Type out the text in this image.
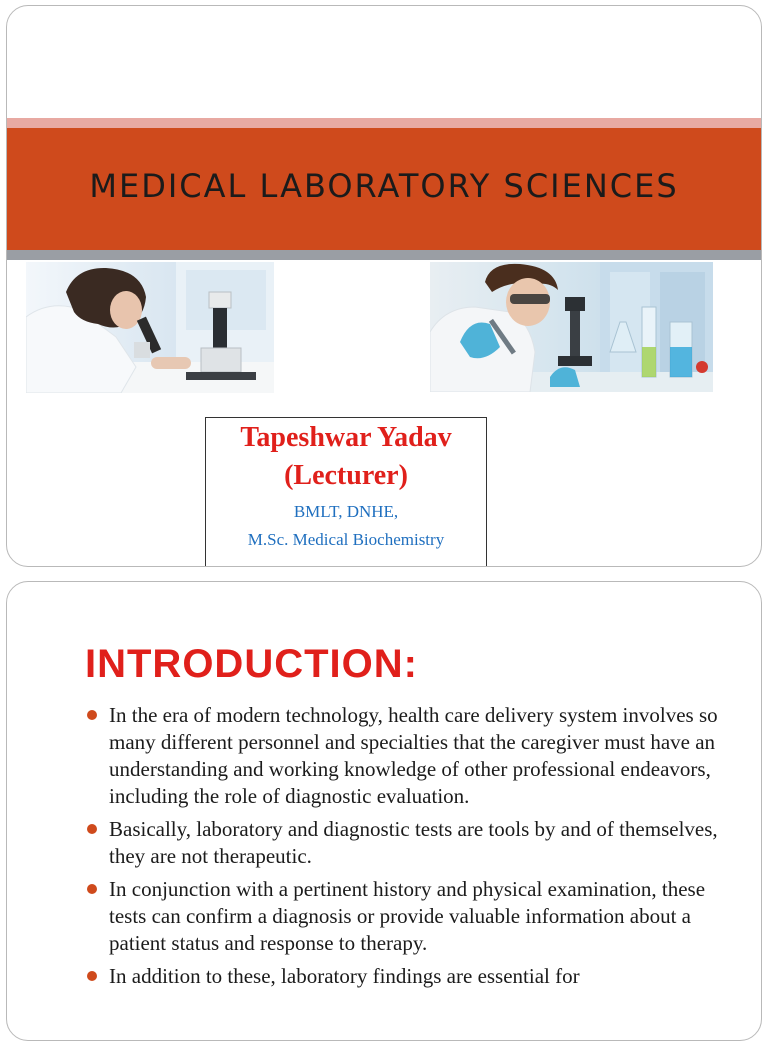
MEDICAL LABORATORY SCIENCES
Tapeshwar Yadav
(Lecturer)
BMLT, DNHE,
M.Sc. Medical Biochemistry
INTRODUCTION:
In the era of modern technology, health care delivery system involves so many different personnel and specialties that the caregiver must have an understanding and working knowledge of other professional endeavors, including the role of diagnostic evaluation.
Basically, laboratory and diagnostic tests are tools by and of themselves, they are not therapeutic.
In conjunction with a pertinent history and physical examination, these tests can confirm a diagnosis or provide valuable information about a patient status and response to therapy.
In addition to these, laboratory findings are essential for
